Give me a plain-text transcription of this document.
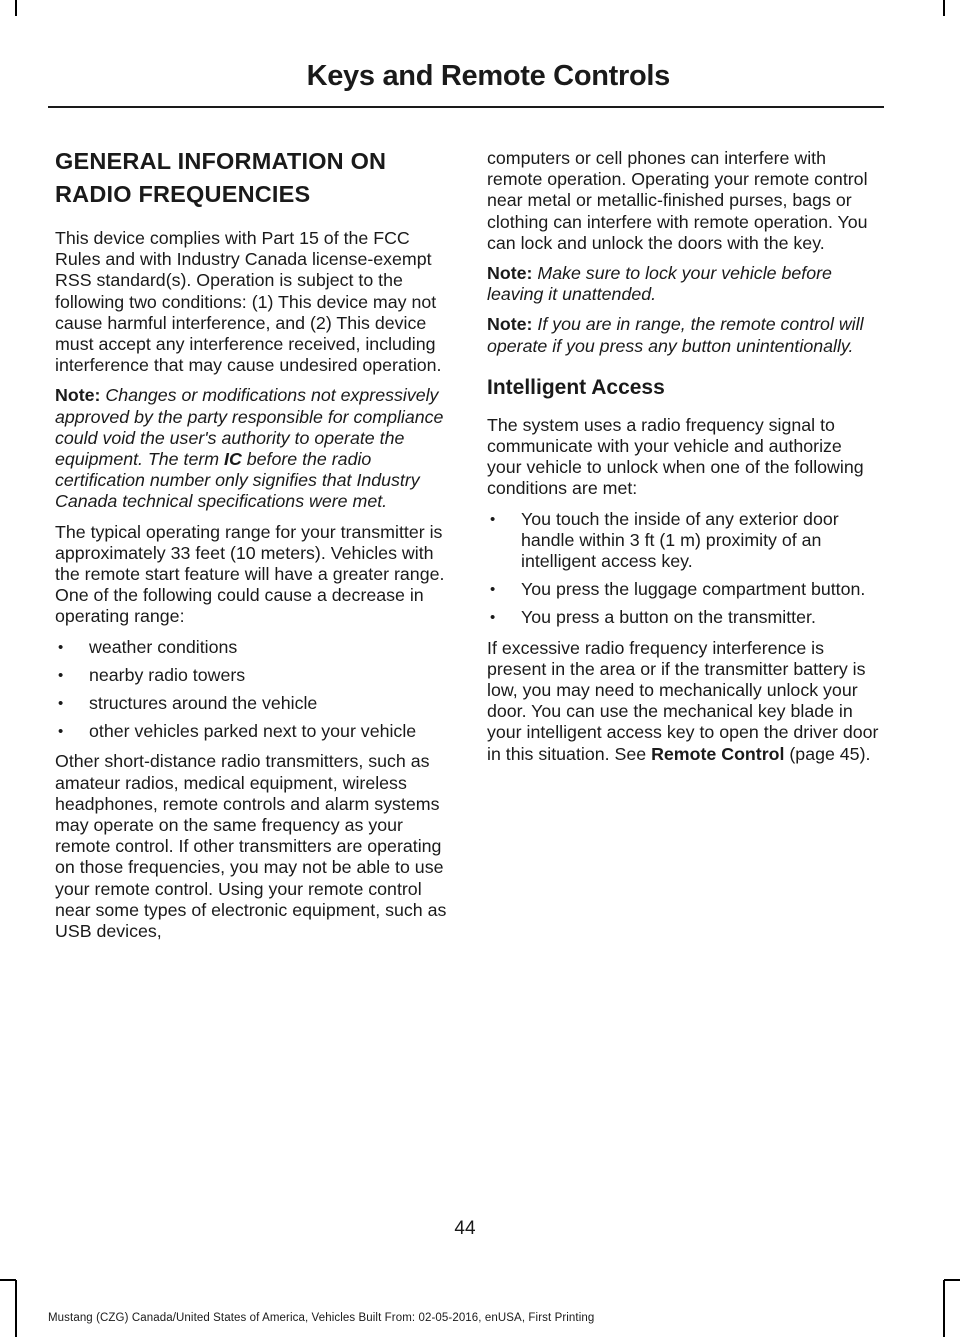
Keys and Remote Controls
GENERAL INFORMATION ON
RADIO FREQUENCIES

This device complies with Part 15 of the FCC Rules and with Industry Canada license-exempt RSS standard(s). Operation is subject to the following two conditions: (1) This device may not cause harmful interference, and (2) This device must accept any interference received, including interference that may cause undesired operation.

Note: Changes or modifications not expressively approved by the party responsible for compliance could void the user's authority to operate the equipment. The term IC before the radio certification number only signifies that Industry Canada technical specifications were met.

The typical operating range for your transmitter is approximately 33 feet (10 meters). Vehicles with the remote start feature will have a greater range. One of the following could cause a decrease in operating range:

• weather conditions
• nearby radio towers
• structures around the vehicle
• other vehicles parked next to your vehicle

Other short-distance radio transmitters, such as amateur radios, medical equipment, wireless headphones, remote controls and alarm systems may operate on the same frequency as your remote control. If other transmitters are operating on those frequencies, you may not be able to use your remote control. Using your remote control near some types of electronic equipment, such as USB devices,

computers or cell phones can interfere with remote operation. Operating your remote control near metal or metallic-finished purses, bags or clothing can interfere with remote operation. You can lock and unlock the doors with the key.

Note: Make sure to lock your vehicle before leaving it unattended.

Note: If you are in range, the remote control will operate if you press any button unintentionally.

Intelligent Access

The system uses a radio frequency signal to communicate with your vehicle and authorize your vehicle to unlock when one of the following conditions are met:

• You touch the inside of any exterior door handle within 3 ft (1 m) proximity of an intelligent access key.
• You press the luggage compartment button.
• You press a button on the transmitter.

If excessive radio frequency interference is present in the area or if the transmitter battery is low, you may need to mechanically unlock your door. You can use the mechanical key blade in your intelligent access key to open the driver door in this situation. See Remote Control (page 45).

44
Mustang (CZG) Canada/United States of America, Vehicles Built From: 02-05-2016, enUSA, First Printing
